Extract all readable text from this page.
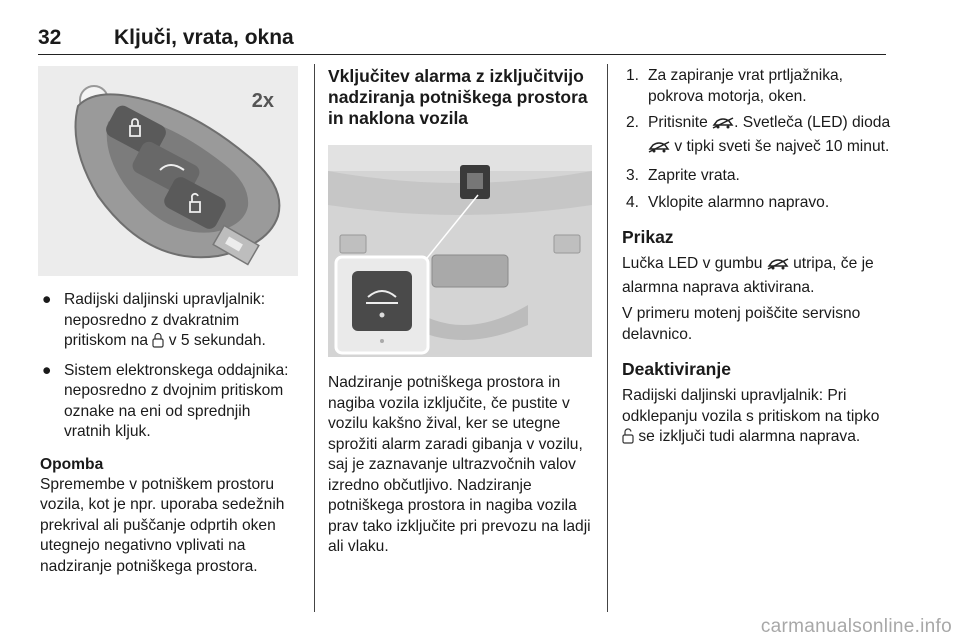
32	Ključi, vrata, okna
2x
● Radijski daljinski upravljalnik: neposredno z dvakratnim pritiskom na v 5 sekundah.
● Sistem elektronskega oddajnika: neposredno z dvojnim pritiskom oznake na eni od sprednjih vratnih kljuk.
Opomba

Spremembe v potniškem prostoru vozila, kot je npr. uporaba sedežnih prekrival ali puščanje odprtih oken utegnejo negativno vplivati na nadziranje potniškega prostora.

Vključitev alarma z izključitvijo nadziranja potniškega prostora in naklona vozila

Nadziranje potniškega prostora in nagiba vozila izključite, če pustite v vozilu kakšno žival, ker se utegne sprožiti alarm zaradi gibanja v vozilu, saj je zaznavanje ultrazvočnih valov izredno občutljivo. Nadziranje potniškega prostora in nagiba vozila prav tako izključite pri prevozu na ladji ali vlaku.

1. Za zapiranje vrat prtljažnika, pokrova motorja, oken.
2. Pritisnite . Svetleča (LED) dioda  v tipki sveti še največ 10 minut.
3. Zaprite vrata.
4. Vklopite alarmno napravo.
Prikaz

Lučka LED v gumbu utripa, če je alarmna naprava aktivirana.

V primeru motenj poiščite servisno delavnico.

Deaktiviranje

Radijski daljinski upravljalnik: Pri odklepanju vozila s pritiskom na tipko  se izključi tudi alarmna naprava.

carmanualsonline.info
